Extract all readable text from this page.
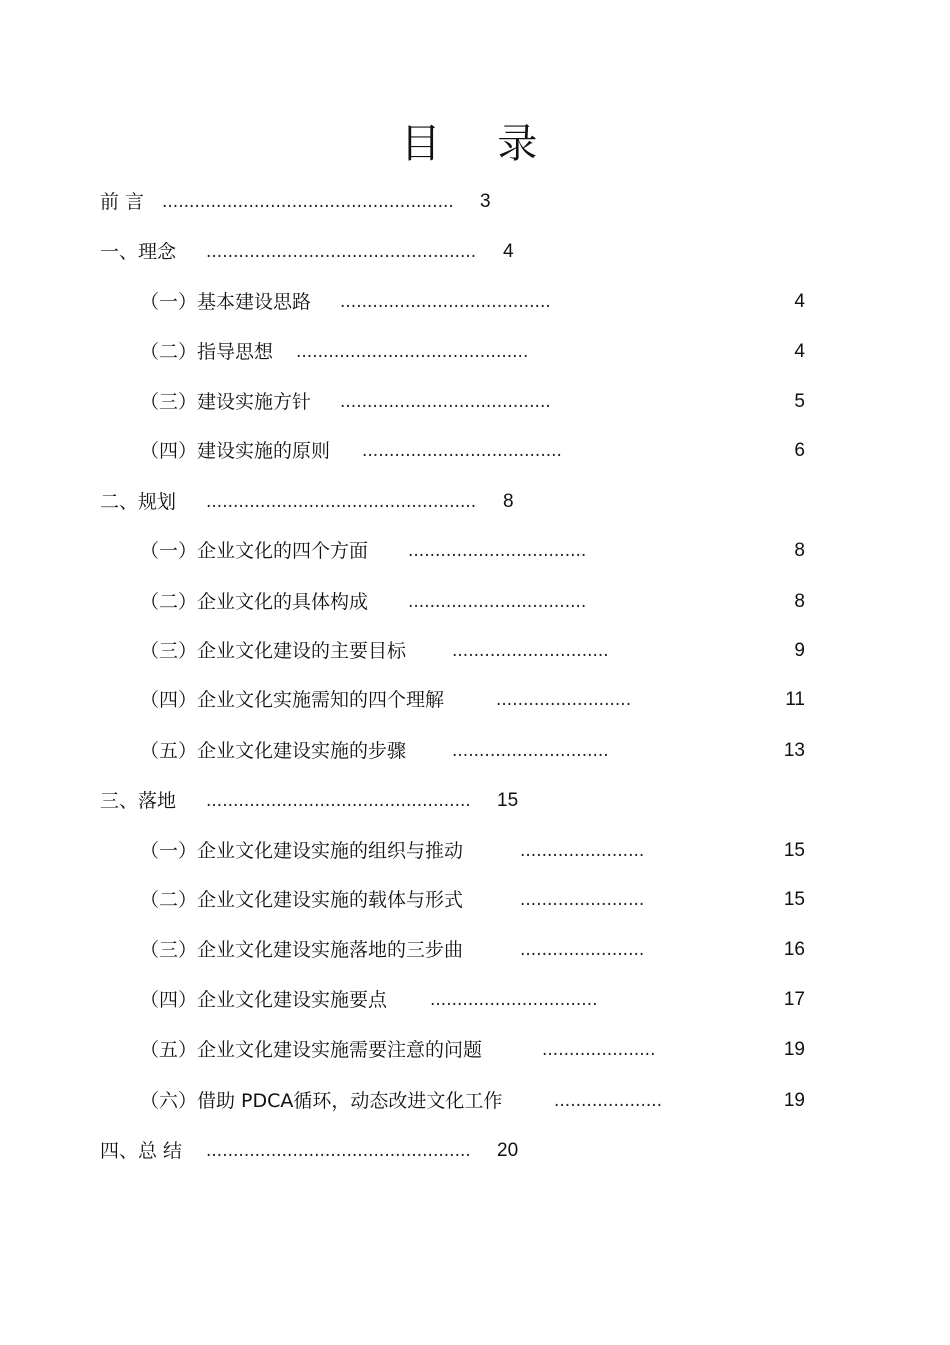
目 录
前 言 ...................................................... 3
一、理念 .................................................. 4
（一）基本建设思路 .......................................	4
（二）指导思想 ...........................................	4
（三）建设实施方针 .......................................	5
（四）建设实施的原则 .....................................	6
二、规划 .................................................. 8
（一）企业文化的四个方面 .................................	8
（二）企业文化的具体构成 .................................	8
（三）企业文化建设的主要目标	.............................	9
（四）企业文化实施需知的四个理解	.........................	11
（五）企业文化建设实施的步骤	.............................	13
三、落地 ................................................. 15
（一）企业文化建设实施的组织与推动	.......................	15
（二）企业文化建设实施的载体与形式	.......................	15
（三）企业文化建设实施落地的三步曲	.......................	16
（四）企业文化建设实施要点	...............................	17
（五）企业文化建设实施需要注意的问题	.....................	19
（六）借助 PDCA循环，动态改进文化工作	....................	19
四、总 结 ................................................. 20
